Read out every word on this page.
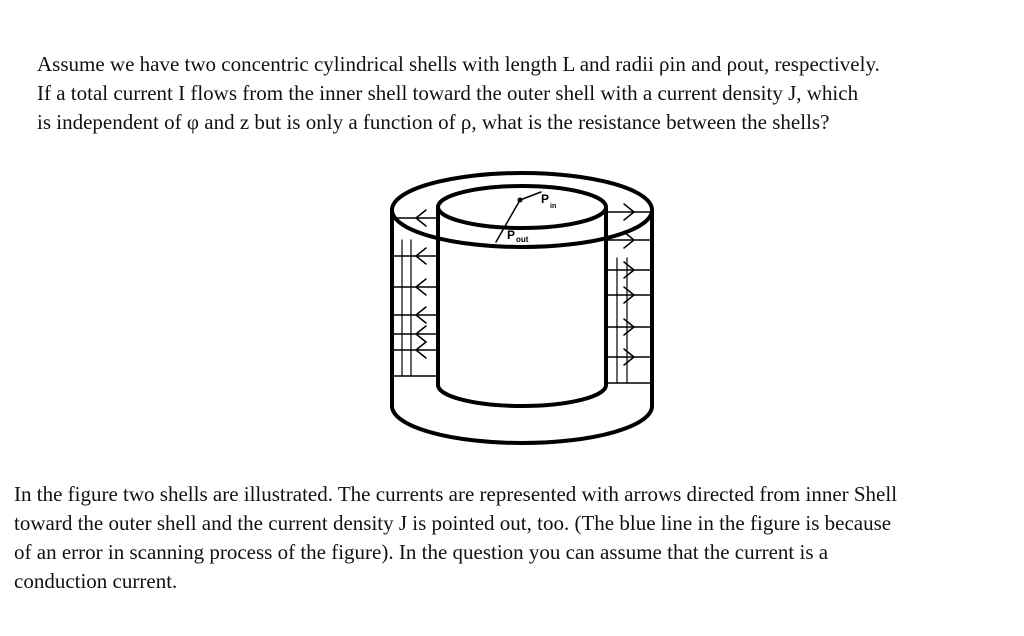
Assume we have two concentric cylindrical shells with length L and radii ρin and ρout, respectively.
If a total current I flows from the inner shell toward the outer shell with a current density J, which
is independent of φ and z but is only a function of ρ, what is the resistance between the shells?
$P_{in}$
$P_{out}$
In the figure two shells are illustrated. The currents are represented with arrows directed from inner Shell
toward the outer shell and the current density J is pointed out, too. (The blue line in the figure is because
of an error in scanning process of the figure). In the question you can assume that the current is a
conduction current.
